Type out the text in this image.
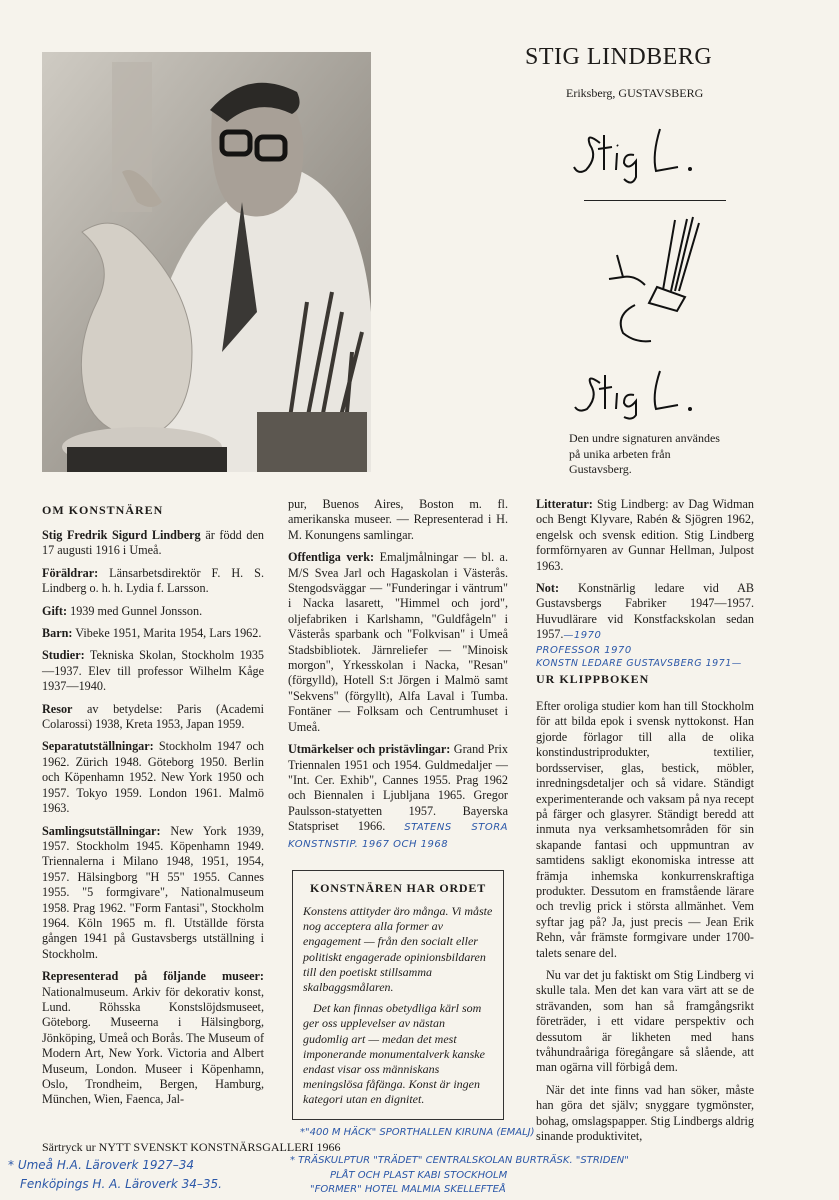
STIG LINDBERG
Eriksberg, GUSTAVSBERG
Den undre signaturen användes på unika arbeten från Gustavsberg.

OM KONSTNÄREN

Stig Fredrik Sigurd Lindberg är född den 17 augusti 1916 i Umeå.

Föräldrar: Länsarbetsdirektör F. H. S. Lindberg o. h. h. Lydia f. Larsson.

Gift: 1939 med Gunnel Jonsson.

Barn: Vibeke 1951, Marita 1954, Lars 1962.

Studier: Tekniska Skolan, Stockholm 1935—1937. Elev till professor Wilhelm Kåge 1937—1940.

Resor av betydelse: Paris (Academi Colarossi) 1938, Kreta 1953, Japan 1959.

Separatutställningar: Stockholm 1947 och 1962. Zürich 1948. Göteborg 1950. Berlin och Köpenhamn 1952. New York 1950 och 1957. Tokyo 1959. London 1961. Malmö 1963.

Samlingsutställningar: New York 1939, 1957. Stockholm 1945. Köpenhamn 1949. Triennalerna i Milano 1948, 1951, 1954, 1957. Hälsingborg "H 55" 1955. Cannes 1955. "5 formgivare", Nationalmuseum 1958. Prag 1962. "Form Fantasi", Stockholm 1964. Köln 1965 m. fl. Utställde första gången 1941 på Gustavsbergs utställning i Stockholm.

Representerad på följande museer: Nationalmuseum. Arkiv för dekorativ konst, Lund. Röhsska Konstslöjdsmuseet, Göteborg. Museerna i Hälsingborg, Jönköping, Umeå och Borås. The Museum of Modern Art, New York. Victoria and Albert Museum, London. Museer i Köpenhamn, Oslo, Trondheim, Bergen, Hamburg, München, Wien, Faenca, Jal-

pur, Buenos Aires, Boston m. fl. amerikanska museer. — Representerad i H. M. Konungens samlingar.

Offentliga verk: Emaljmålningar — bl. a. M/S Svea Jarl och Hagaskolan i Västerås. Stengodsväggar — "Funderingar i väntrum" i Nacka lasarett, "Himmel och jord", oljefabriken i Karlshamn, "Guldfågeln" i Västerås sparbank och "Folkvisan" i Umeå Stadsbibliotek. Järnreliefer — "Minoisk morgon", Yrkesskolan i Nacka, "Resan" (förgylld), Hotell S:t Jörgen i Malmö samt "Sekvens" (förgyllt), Alfa Laval i Tumba. Fontäner — Folksam och Centrumhuset i Umeå.

Utmärkelser och pristävlingar: Grand Prix Triennalen 1951 och 1954. Guldmedaljer — "Int. Cer. Exhib", Cannes 1955. Prag 1962 och Biennalen i Ljubljana 1965. Gregor Paulsson-statyetten 1957. Bayerska Statspriset 1966. STATENS STORA KONSTNSTIP. 1967 OCH 1968

KONSTNÄREN HAR ORDET

Konstens attityder äro många. Vi måste nog acceptera alla former av engagement — från den socialt eller politiskt engagerade opinionsbildaren till den poetiskt stillsamma skalbaggsmålaren.

Det kan finnas obetydliga kärl som ger oss upplevelser av nästan gudomlig art — medan det mest imponerande monumentalverk kanske endast visar oss människans meningslösa fåfänga. Konst är ingen kategori utan en dignitet.

Litteratur: Stig Lindberg: av Dag Widman och Bengt Klyvare, Rabén & Sjögren 1962, engelsk och svensk edition. Stig Lindberg formförnyaren av Gunnar Hellman, Julpost 1963.

Not: Konstnärlig ledare vid AB Gustavsbergs Fabriker 1947—1957. Huvudlärare vid Konstfackskolan sedan 1957.—1970

PROFESSOR 1970
KONSTN LEDARE GUSTAVSBERG 1971—

UR KLIPPBOKEN

Efter oroliga studier kom han till Stockholm för att bilda epok i svensk nyttokonst. Han gjorde förlagor till alla de olika konstindustriprodukter, textilier, bordsserviser, glas, bestick, möbler, inredningsdetaljer och så vidare. Ständigt experimenterande och vaksam på nya recept på färger och glasyrer. Ständigt beredd att inmuta nya verksamhetsområden för sin skapande fantasi och uppmuntran av samtidens sakligt ekonomiska intresse att främja inhemska konkurrenskraftiga produkter. Dessutom en framstående lärare och trevlig prick i största allmänhet. Vem syftar jag på? Ja, just precis — Jean Erik Rehn, vår främste formgivare under 1700-talets senare del.

Nu var det ju faktiskt om Stig Lindberg vi skulle tala. Men det kan vara värt att se de strävanden, som han så framgångsrikt företräder, i ett vidare perspektiv och dessutom är likheten med hans tvåhundraåriga föregångare så slående, att man ogärna vill förbigå dem.

När det inte finns vad han söker, måste han göra det själv; snyggare tygmönster, bohag, omslagspapper. Stig Lindbergs aldrig sinande produktivitet,

Särtryck ur NYTT SVENSKT KONSTNÄRSGALLERI 1966
*"400 M HÄCK" SPORTHALLEN KIRUNA (EMALJ)
* TRÄSKULPTUR "TRÄDET" CENTRALSKOLAN BURTRÄSK. "STRIDEN"
PLÅT OCH PLAST KABI STOCKHOLM
"FORMER" HOTEL MALMIA SKELLEFTEÅ
* Umeå H.A. Läroverk 1927–34
Fenköpings H. A. Läroverk 34–35.
